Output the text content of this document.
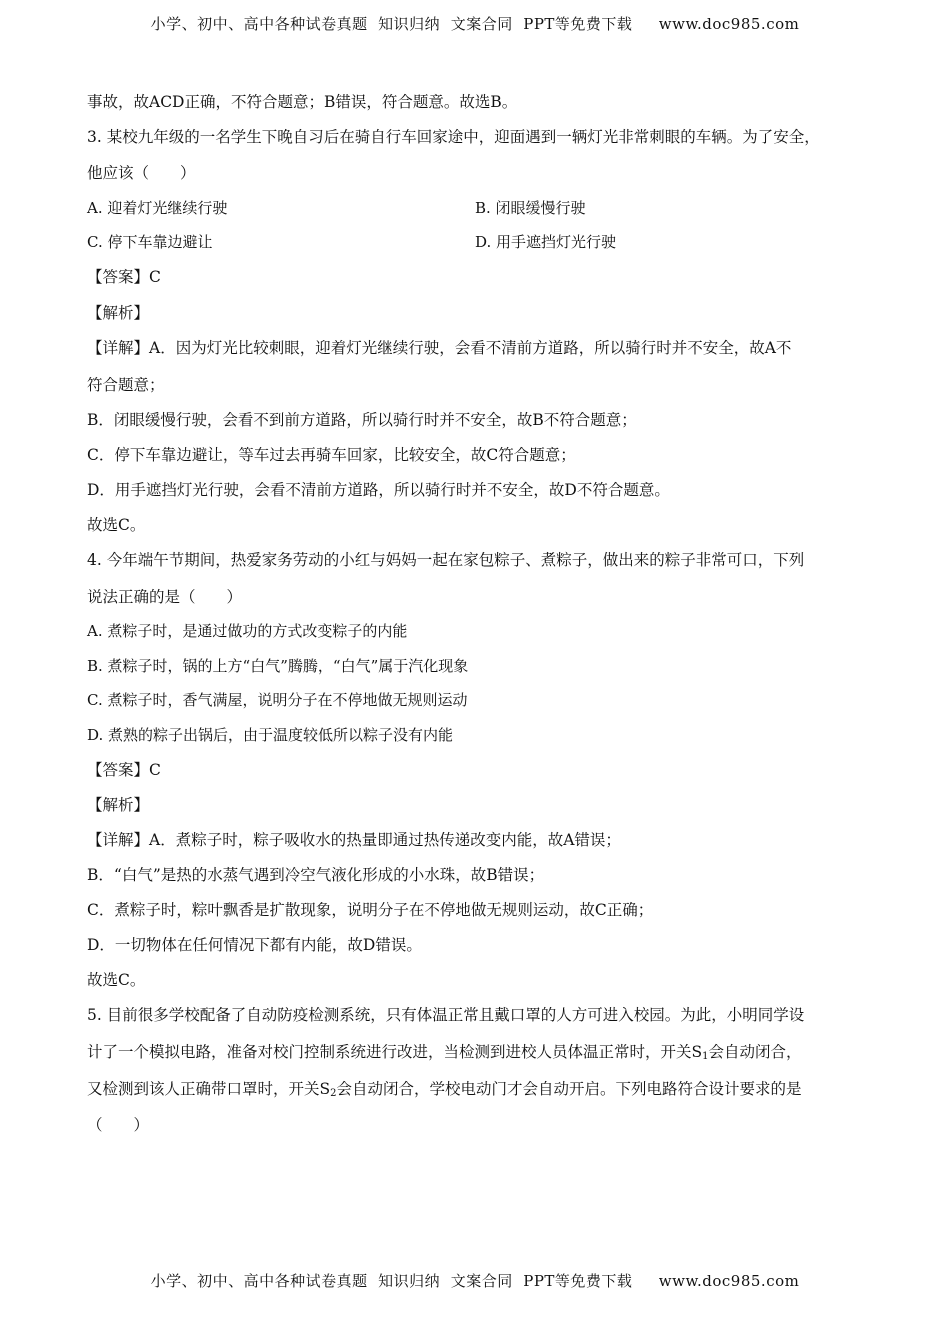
小学、初中、高中各种试卷真题  知识归纳  文案合同  PPT等免费下载     www.doc985.com
事故，故ACD正确，不符合题意；B错误，符合题意。故选B。
3. 某校九年级的一名学生下晚自习后在骑自行车回家途中，迎面遇到一辆灯光非常刺眼的车辆。为了安全，
他应该（　　）
A. 迎着灯光继续行驶	B. 闭眼缓慢行驶
C. 停下车靠边避让	D. 用手遮挡灯光行驶
【答案】C
【解析】
【详解】A．因为灯光比较刺眼，迎着灯光继续行驶，会看不清前方道路，所以骑行时并不安全，故A不
符合题意；
B．闭眼缓慢行驶，会看不到前方道路，所以骑行时并不安全，故B不符合题意；
C．停下车靠边避让，等车过去再骑车回家，比较安全，故C符合题意；
D．用手遮挡灯光行驶，会看不清前方道路，所以骑行时并不安全，故D不符合题意。
故选C。
4. 今年端午节期间，热爱家务劳动的小红与妈妈一起在家包粽子、煮粽子，做出来的粽子非常可口，下列
说法正确的是（　　）
A. 煮粽子时，是通过做功的方式改变粽子的内能
B. 煮粽子时，锅的上方“白气”腾腾，“白气”属于汽化现象
C. 煮粽子时，香气满屋，说明分子在不停地做无规则运动
D. 煮熟的粽子出锅后，由于温度较低所以粽子没有内能
【答案】C
【解析】
【详解】A．煮粽子时，粽子吸收水的热量即通过热传递改变内能，故A错误；
B．“白气”是热的水蒸气遇到冷空气液化形成的小水珠，故B错误；
C．煮粽子时，粽叶飘香是扩散现象，说明分子在不停地做无规则运动，故C正确；
D．一切物体在任何情况下都有内能，故D错误。
故选C。
5. 目前很多学校配备了自动防疫检测系统，只有体温正常且戴口罩的人方可进入校园。为此，小明同学设
计了一个模拟电路，准备对校门控制系统进行改进，当检测到进校人员体温正常时，开关$S_1$会自动闭合，
又检测到该人正确带口罩时，开关$S_2$会自动闭合，学校电动门才会自动开启。下列电路符合设计要求的是
（　　）
小学、初中、高中各种试卷真题  知识归纳  文案合同  PPT等免费下载     www.doc985.com
